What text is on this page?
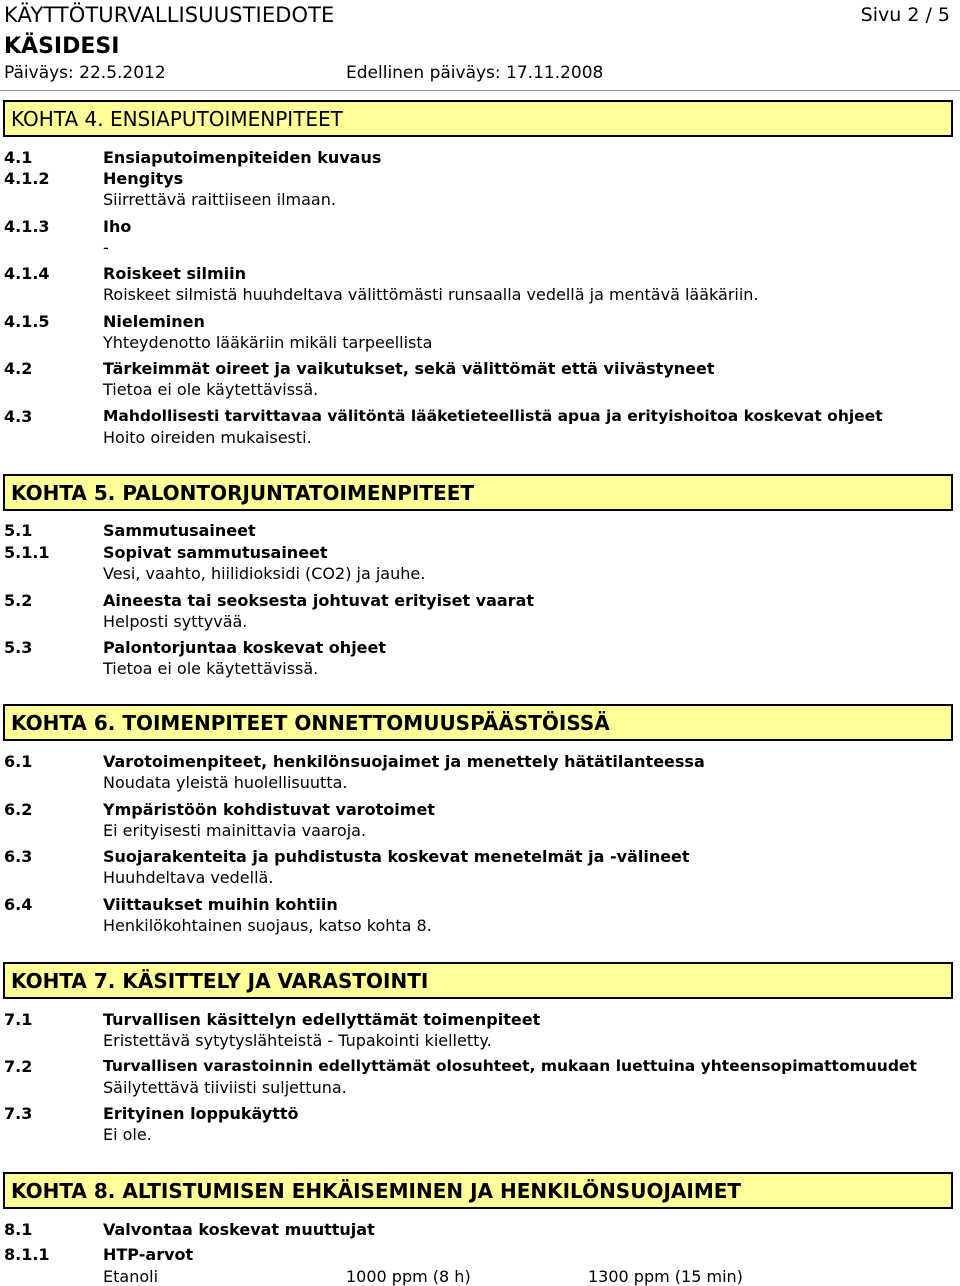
KÄYTTÖTURVALLISUUSTIEDOTE	Sivu 2 / 5
KÄSIDESI
Päiväys: 22.5.2012	Edellinen päiväys: 17.11.2008
KOHTA 4. ENSIAPUTOIMENPITEET
4.1	Ensiaputoimenpiteiden kuvaus
4.1.2	Hengitys
Siirrettävä raittiiseen ilmaan.
4.1.3	Iho
-
4.1.4	Roiskeet silmiin
Roiskeet silmistä huuhdeltava välittömästi runsaalla vedellä ja mentävä lääkäriin.
4.1.5	Nieleminen
Yhteydenotto lääkäriin mikäli tarpeellista
4.2	Tärkeimmät oireet ja vaikutukset, sekä välittömät että viivästyneet
Tietoa ei ole käytettävissä.
4.3	Mahdollisesti tarvittavaa välitöntä lääketieteellistä apua ja erityishoitoa koskevat ohjeet
Hoito oireiden mukaisesti.
KOHTA 5. PALONTORJUNTATOIMENPITEET
5.1	Sammutusaineet
5.1.1	Sopivat sammutusaineet
Vesi, vaahto, hiilidioksidi (CO2) ja jauhe.
5.2	Aineesta tai seoksesta johtuvat erityiset vaarat
Helposti syttyvää.
5.3	Palontorjuntaa koskevat ohjeet
Tietoa ei ole käytettävissä.
KOHTA 6. TOIMENPITEET ONNETTOMUUSPÄÄSTÖISSÄ
6.1	Varotoimenpiteet, henkilönsuojaimet ja menettely hätätilanteessa
Noudata yleistä huolellisuutta.
6.2	Ympäristöön kohdistuvat varotoimet
Ei erityisesti mainittavia vaaroja.
6.3	Suojarakenteita ja puhdistusta koskevat menetelmät ja -välineet
Huuhdeltava vedellä.
6.4	Viittaukset muihin kohtiin
Henkilökohtainen suojaus, katso kohta 8.
KOHTA 7. KÄSITTELY JA VARASTOINTI
7.1	Turvallisen käsittelyn edellyttämät toimenpiteet
Eristettävä sytytyslähteistä - Tupakointi kielletty.
7.2	Turvallisen varastoinnin edellyttämät olosuhteet, mukaan luettuina yhteensopimattomuudet
Säilytettävä tiiviisti suljettuna.
7.3	Erityinen loppukäyttö
Ei ole.
KOHTA 8. ALTISTUMISEN EHKÄISEMINEN JA HENKILÖNSUOJAIMET
8.1	Valvontaa koskevat muuttujat
8.1.1	HTP-arvot
Etanoli	1000 ppm (8 h)	1300 ppm (15 min)
